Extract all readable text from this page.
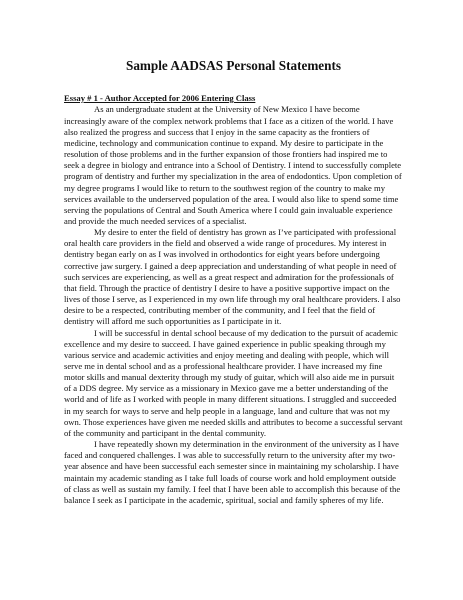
Sample AADSAS Personal Statements

Essay # 1 - Author Accepted for 2006 Entering Class

As an undergraduate student at the University of New Mexico I have become increasingly aware of the complex network problems that I face as a citizen of the world. I have also realized the progress and success that I enjoy in the same capacity as the frontiers of medicine, technology and communication continue to expand. My desire to participate in the resolution of those problems and in the further expansion of those frontiers had inspired me to seek a degree in biology and entrance into a School of Dentistry. I intend to successfully complete program of dentistry and further my specialization in the area of endodontics. Upon completion of my degree programs I would like to return to the southwest region of the country to make my services available to the underserved population of the area. I would also like to spend some time serving the populations of Central and South America where I could gain invaluable experience and provide the much needed services of a specialist.

My desire to enter the field of dentistry has grown as I’ve participated with professional oral health care providers in the field and observed a wide range of procedures. My interest in dentistry began early on as I was involved in orthodontics for eight years before undergoing corrective jaw surgery. I gained a deep appreciation and understanding of what people in need of such services are experiencing, as well as a great respect and admiration for the professionals of that field. Through the practice of dentistry I desire to have a positive supportive impact on the lives of those I serve, as I experienced in my own life through my oral healthcare providers. I also desire to be a respected, contributing member of the community, and I feel that the field of dentistry will afford me such opportunities as I participate in it.

I will be successful in dental school because of my dedication to the pursuit of academic excellence and my desire to succeed. I have gained experience in public speaking through my various service and academic activities and enjoy meeting and dealing with people, which will serve me in dental school and as a professional healthcare provider. I have increased my fine motor skills and manual dexterity through my study of guitar, which will also aide me in pursuit of a DDS degree. My service as a missionary in Mexico gave me a better understanding of the world and of life as I worked with people in many different situations. I struggled and succeeded in my search for ways to serve and help people in a language, land and culture that was not my own. Those experiences have given me needed skills and attributes to become a successful servant of the community and participant in the dental community.

I have repeatedly shown my determination in the environment of the university as I have faced and conquered challenges. I was able to successfully return to the university after my two-year absence and have been successful each semester since in maintaining my scholarship. I have maintain my academic standing as I take full loads of course work and hold employment outside of class as well as sustain my family. I feel that I have been able to accomplish this because of the balance I seek as I participate in the academic, spiritual, social and family spheres of my life.
